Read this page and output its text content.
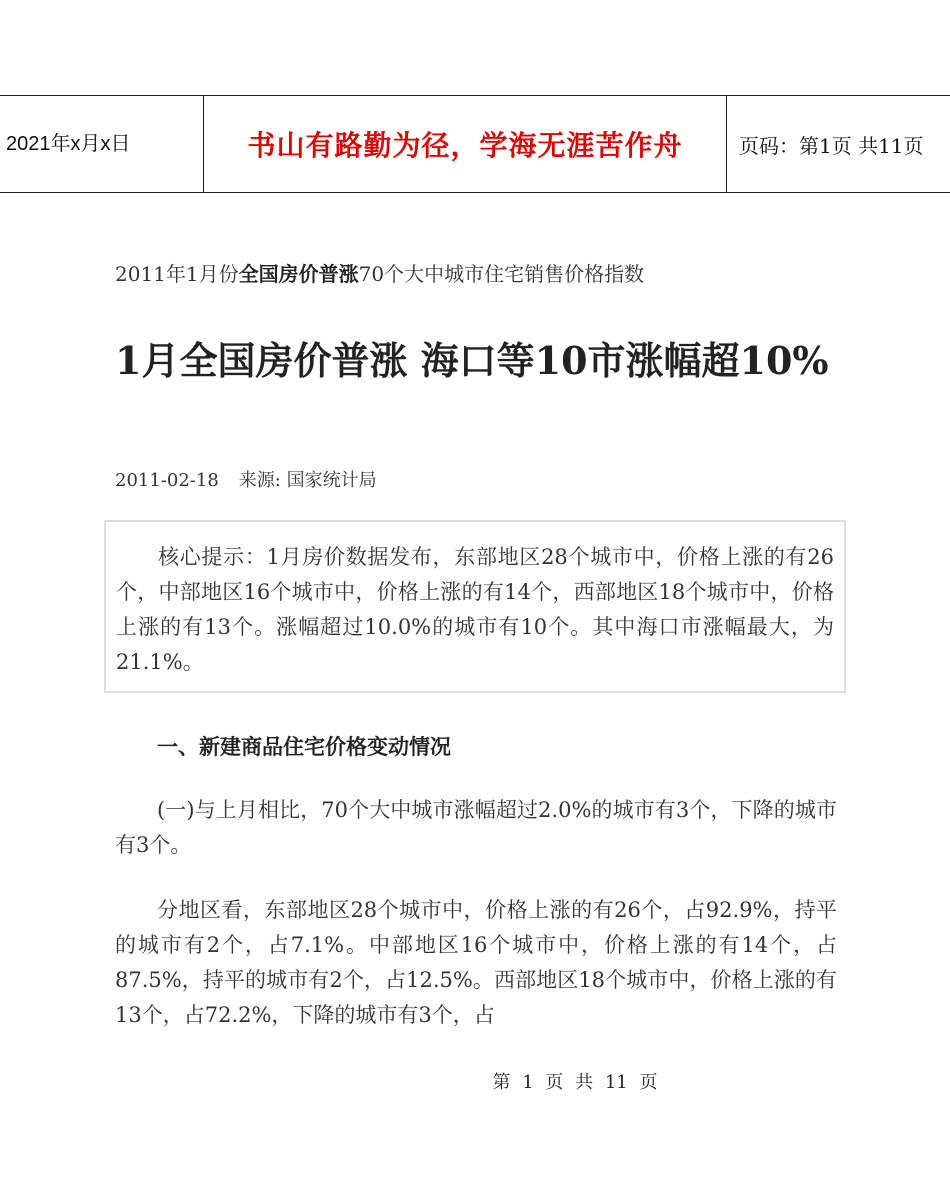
2021年x月x日	书山有路勤为径，学海无涯苦作舟	页码：第1页 共11页
2011年1月份全国房价普涨70个大中城市住宅销售价格指数
1月全国房价普涨 海口等10市涨幅超10%
2011-02-18 来源: 国家统计局

核心提示：1月房价数据发布，东部地区28个城市中，价格上涨的有26个，中部地区16个城市中，价格上涨的有14个，西部地区18个城市中，价格上涨的有13个。涨幅超过10.0%的城市有10个。其中海口市涨幅最大，为21.1%。

一、新建商品住宅价格变动情况

(一)与上月相比，70个大中城市涨幅超过2.0%的城市有3个，下降的城市有3个。

分地区看，东部地区28个城市中，价格上涨的有26个，占92.9%，持平的城市有2个，占7.1%。中部地区16个城市中，价格上涨的有14个，占87.5%，持平的城市有2个，占12.5%。西部地区18个城市中，价格上涨的有13个，占72.2%，下降的城市有3个，占

第 1 页 共 11 页
